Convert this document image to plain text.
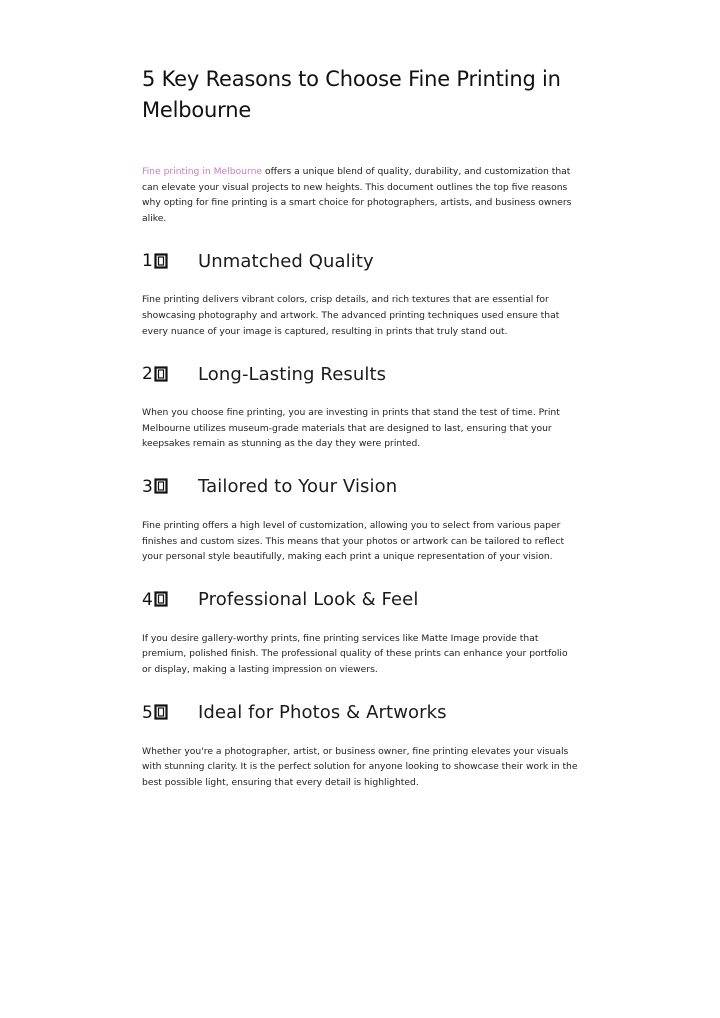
5 Key Reasons to Choose Fine Printing in Melbourne

Fine printing in Melbourne offers a unique blend of quality, durability, and customization that can elevate your visual projects to new heights. This document outlines the top five reasons why opting for fine printing is a smart choice for photographers, artists, and business owners alike.

1	Unmatched Quality

Fine printing delivers vibrant colors, crisp details, and rich textures that are essential for showcasing photography and artwork. The advanced printing techniques used ensure that every nuance of your image is captured, resulting in prints that truly stand out.

2	Long-Lasting Results

When you choose fine printing, you are investing in prints that stand the test of time. Print Melbourne utilizes museum-grade materials that are designed to last, ensuring that your keepsakes remain as stunning as the day they were printed.

3	Tailored to Your Vision

Fine printing offers a high level of customization, allowing you to select from various paper finishes and custom sizes. This means that your photos or artwork can be tailored to reflect your personal style beautifully, making each print a unique representation of your vision.

4	Professional Look & Feel

If you desire gallery-worthy prints, fine printing services like Matte Image provide that premium, polished finish. The professional quality of these prints can enhance your portfolio or display, making a lasting impression on viewers.

5	Ideal for Photos & Artworks

Whether you're a photographer, artist, or business owner, fine printing elevates your visuals with stunning clarity. It is the perfect solution for anyone looking to showcase their work in the best possible light, ensuring that every detail is highlighted.
